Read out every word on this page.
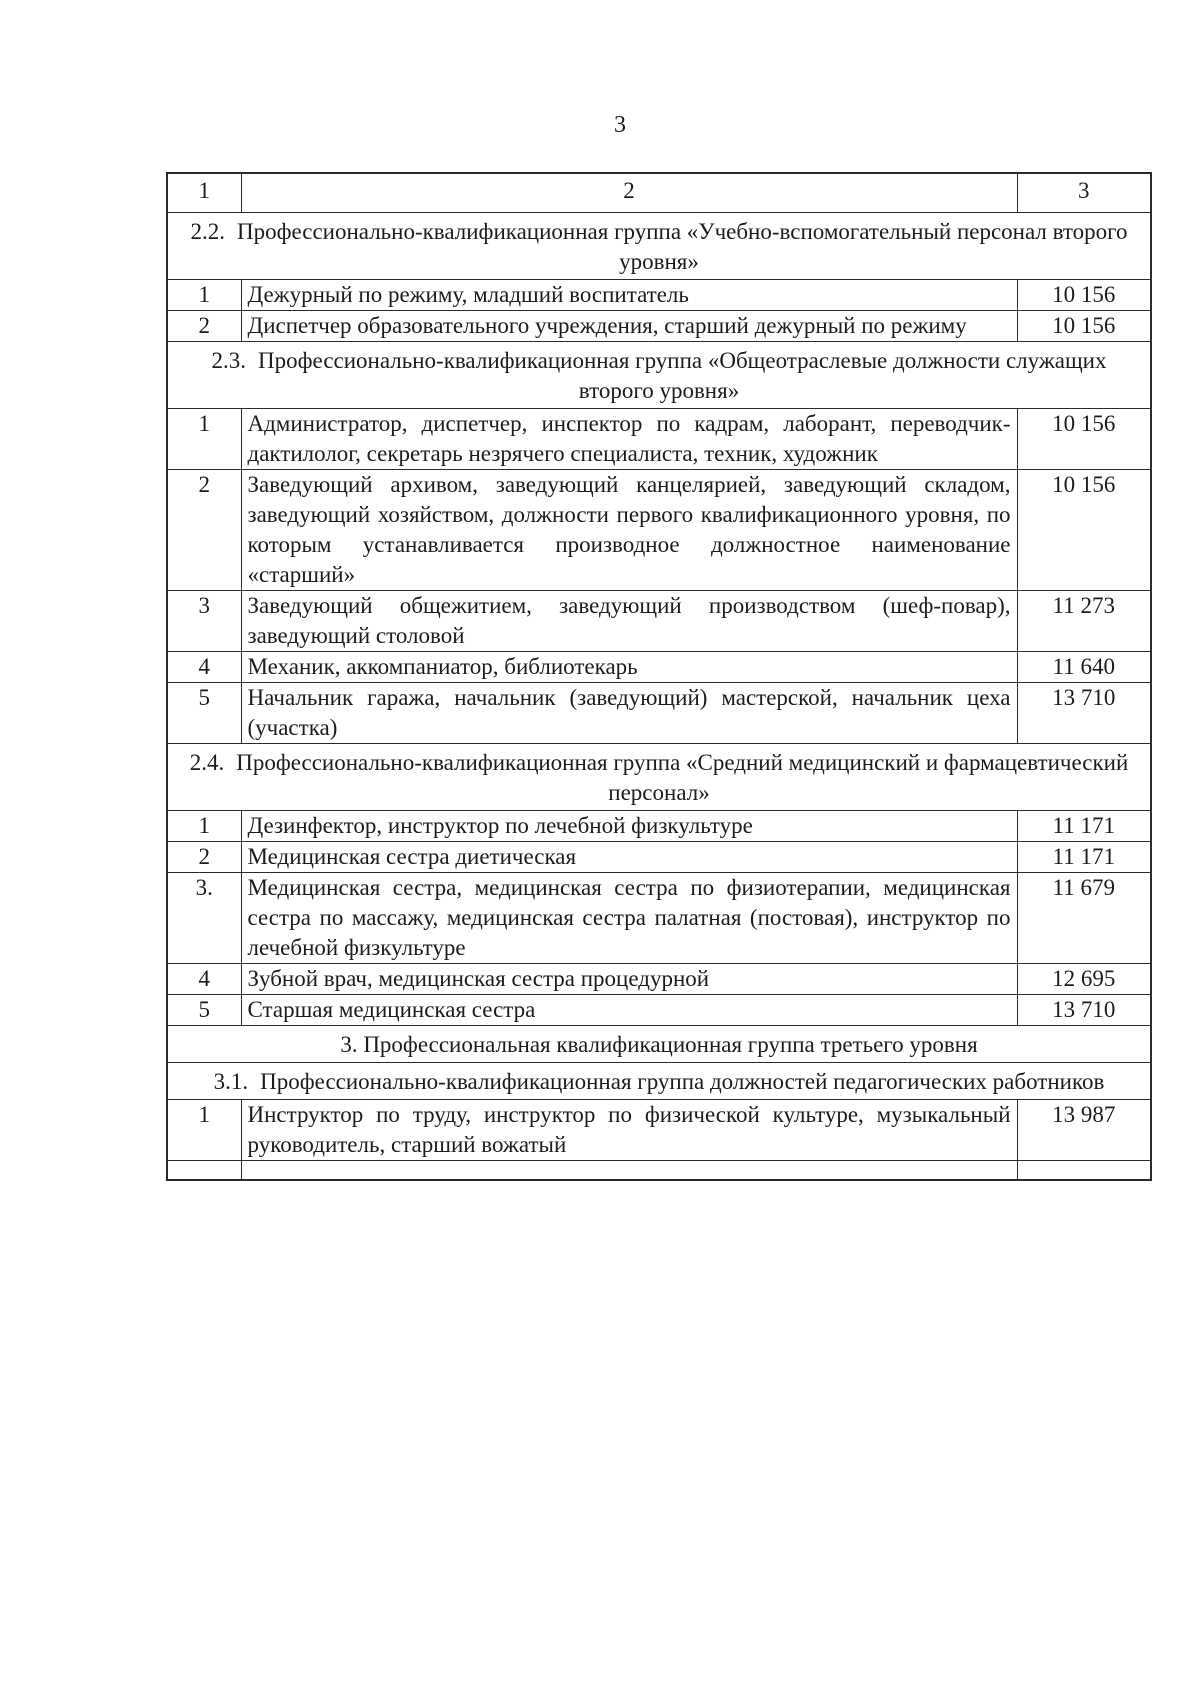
3
1	2	3
2.2. Профессионально-квалификационная группа «Учебно-вспомогательный персонал второго уровня»		
1	Дежурный по режиму, младший воспитатель	10 156
2	Диспетчер образовательного учреждения, старший дежурный по режиму	10 156
2.3. Профессионально-квалификационная группа «Общеотраслевые должности служащих второго уровня»		
1	Администратор, диспетчер, инспектор по кадрам, лаборант, переводчик-дактилолог, секретарь незрячего специалиста, техник, художник	10 156
2	Заведующий архивом, заведующий канцелярией, заведующий складом, заведующий хозяйством, должности первого квалификационного уровня, по которым устанавливается производное должностное наименование «старший»	10 156
3	Заведующий общежитием, заведующий производством (шеф-повар), заведующий столовой	11 273
4	Механик, аккомпаниатор, библиотекарь	11 640
5	Начальник гаража, начальник (заведующий) мастерской, начальник цеха (участка)	13 710
2.4. Профессионально-квалификационная группа «Средний медицинский и фармацевтический персонал»		
1	Дезинфектор, инструктор по лечебной физкультуре	11 171
2	Медицинская сестра диетическая	11 171
3.	Медицинская сестра, медицинская сестра по физиотерапии, медицинская сестра по массажу, медицинская сестра палатная (постовая), инструктор по лечебной физкультуре	11 679
4	Зубной врач, медицинская сестра процедурной	12 695
5	Старшая медицинская сестра	13 710
3. Профессиональная квалификационная группа третьего уровня		
3.1. Профессионально-квалификационная группа должностей педагогических работников		
1	Инструктор по труду, инструктор по физической культуре, музыкальный руководитель, старший вожатый	13 987
